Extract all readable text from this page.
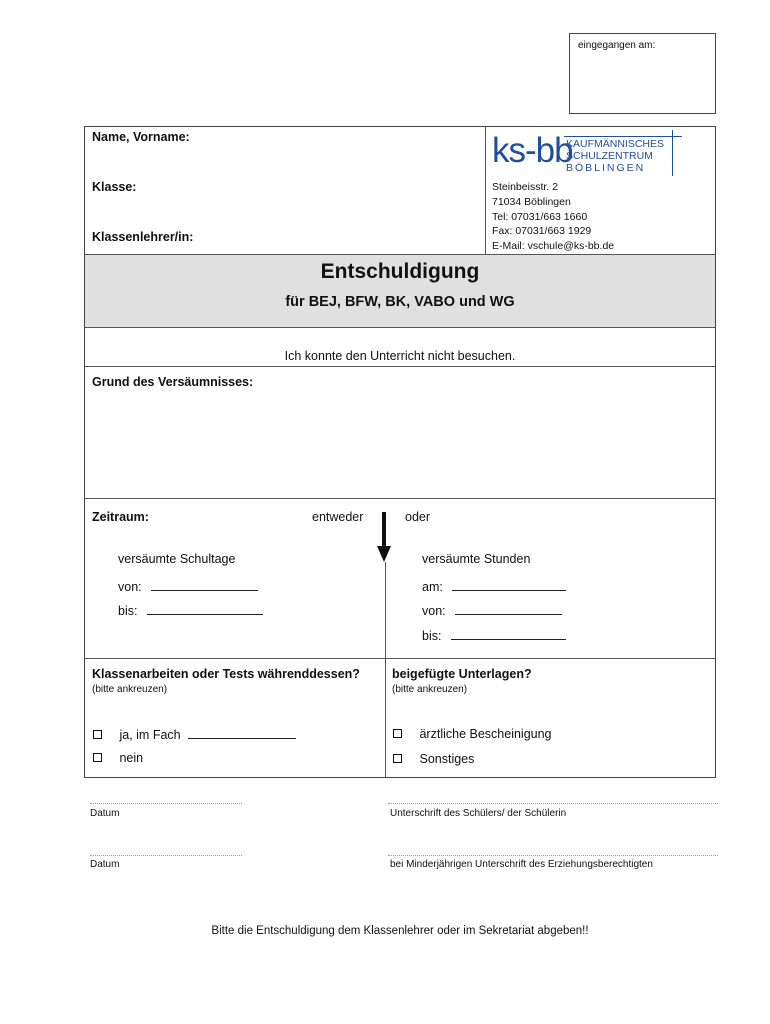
eingegangen am:
Name, Vorname:
Klasse:
Klassenlehrer/in:
ks-bb
KAUFMÄNNISCHES
SCHULZENTRUM
BÖBLINGEN
Steinbeisstr. 2
71034 Böblingen
Tel: 07031/663 1660
Fax: 07031/663 1929
E-Mail: vschule@ks-bb.de
Entschuldigung
für BEJ, BFW, BK, VABO und WG
Ich konnte den Unterricht nicht besuchen.
Grund des Versäumnisses:
Zeitraum:	entweder	oder
versäumte Schultage
von:
bis:
versäumte Stunden
am:
von:
bis:
Klassenarbeiten oder Tests währenddessen?
(bitte ankreuzen)
ja, im Fach
nein
beigefügte Unterlagen?
(bitte ankreuzen)
ärztliche Bescheinigung
Sonstiges
Datum	Unterschrift des Schülers/ der Schülerin
Datum	bei Minderjährigen Unterschrift des Erziehungsberechtigten
Bitte die Entschuldigung dem Klassenlehrer oder im Sekretariat abgeben!!
